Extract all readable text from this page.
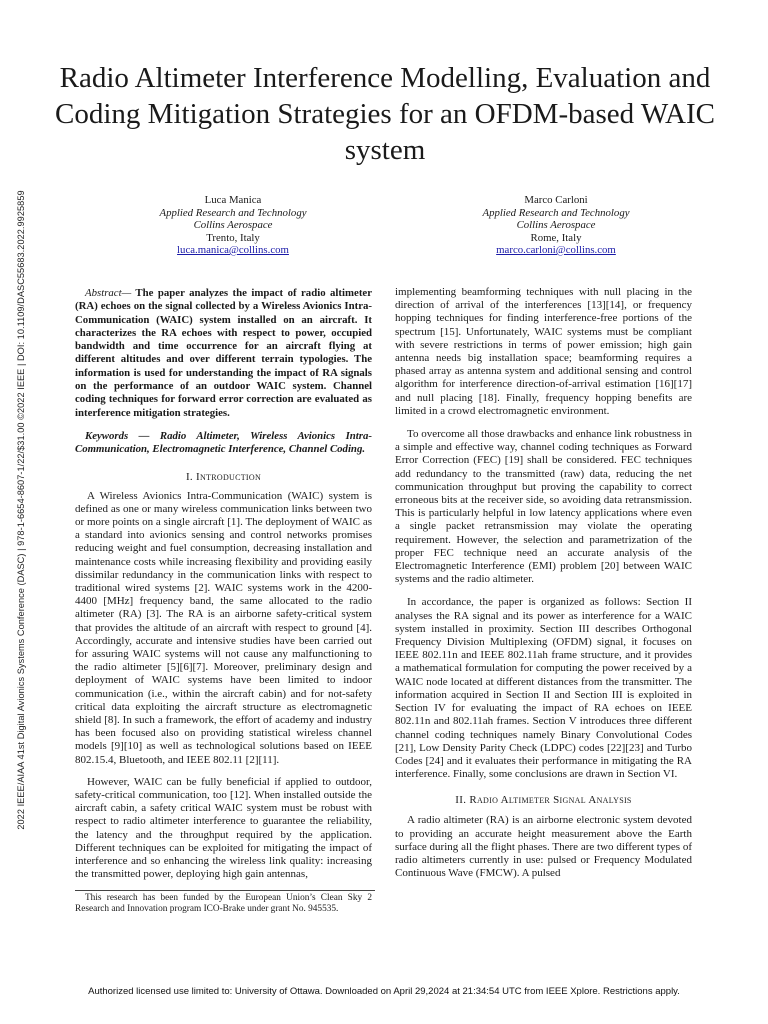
2022 IEEE/AIAA 41st Digital Avionics Systems Conference (DASC) | 978-1-6654-8607-1/22/$31.00 ©2022 IEEE | DOI: 10.1109/DASC55683.2022.9925859
Radio Altimeter Interference Modelling, Evaluation and Coding Mitigation Strategies for an OFDM-based WAIC system
Luca Manica
Applied Research and Technology
Collins Aerospace
Trento, Italy
luca.manica@collins.com
Marco Carloni
Applied Research and Technology
Collins Aerospace
Rome, Italy
marco.carloni@collins.com

Abstract— The paper analyzes the impact of radio altimeter (RA) echoes on the signal collected by a Wireless Avionics Intra-Communication (WAIC) system installed on an aircraft. It characterizes the RA echoes with respect to power, occupied bandwidth and time occurrence for an aircraft flying at different altitudes and over different terrain typologies. The information is used for understanding the impact of RA signals on the performance of an outdoor WAIC system. Channel coding techniques for forward error correction are evaluated as interference mitigation strategies.

Keywords — Radio Altimeter, Wireless Avionics Intra-Communication, Electromagnetic Interference, Channel Coding.

I. Introduction

A Wireless Avionics Intra-Communication (WAIC) system is defined as one or many wireless communication links between two or more points on a single aircraft [1]. The deployment of WAIC as a standard into avionics sensing and control networks promises reducing weight and fuel consumption, decreasing installation and maintenance costs while increasing flexibility and providing easily dissimilar redundancy in the communication links with respect to traditional wired systems [2]. WAIC systems work in the 4200-4400 [MHz] frequency band, the same allocated to the radio altimeter (RA) [3]. The RA is an airborne safety-critical system that provides the altitude of an aircraft with respect to ground [4]. Accordingly, accurate and intensive studies have been carried out for assuring WAIC systems will not cause any malfunctioning to the radio altimeter [5][6][7]. Moreover, preliminary design and deployment of WAIC systems have been limited to indoor communication (i.e., within the aircraft cabin) and for not-safety critical data exploiting the aircraft structure as electromagnetic shield [8]. In such a framework, the effort of academy and industry has been focused also on providing statistical wireless channel models [9][10] as well as technological solutions based on IEEE 802.15.4, Bluetooth, and IEEE 802.11 [2][11].

However, WAIC can be fully beneficial if applied to outdoor, safety-critical communication, too [12]. When installed outside the aircraft cabin, a safety critical WAIC system must be robust with respect to radio altimeter interference to guarantee the reliability, the latency and the throughput required by the application. Different techniques can be exploited for mitigating the impact of interference and so enhancing the wireless link quality: increasing the transmitted power, deploying high gain antennas,

This research has been funded by the European Union’s Clean Sky 2 Research and Innovation program ICO-Brake under grant No. 945535.

implementing beamforming techniques with null placing in the direction of arrival of the interferences [13][14], or frequency hopping techniques for finding interference-free portions of the spectrum [15]. Unfortunately, WAIC systems must be compliant with severe restrictions in terms of power emission; high gain antenna needs big installation space; beamforming requires a phased array as antenna system and additional sensing and control algorithm for interference direction-of-arrival estimation [16][17] and null placing [18]. Finally, frequency hopping benefits are limited in a crowd electromagnetic environment.

To overcome all those drawbacks and enhance link robustness in a simple and effective way, channel coding techniques as Forward Error Correction (FEC) [19] shall be considered. FEC techniques add redundancy to the transmitted (raw) data, reducing the net communication throughput but proving the capability to correct erroneous bits at the receiver side, so avoiding data retransmission. This is particularly helpful in low latency applications where even a single packet retransmission may violate the operating requirement. However, the selection and parametrization of the proper FEC technique need an accurate analysis of the Electromagnetic Interference (EMI) problem [20] between WAIC systems and the radio altimeter.

In accordance, the paper is organized as follows: Section II analyses the RA signal and its power as interference for a WAIC system installed in proximity. Section III describes Orthogonal Frequency Division Multiplexing (OFDM) signal, it focuses on IEEE 802.11n and IEEE 802.11ah frame structure, and it provides a mathematical formulation for computing the power received by a WAIC node located at different distances from the transmitter. The information acquired in Section II and Section III is exploited in Section IV for evaluating the impact of RA echoes on IEEE 802.11n and 802.11ah frames. Section V introduces three different channel coding techniques namely Binary Convolutional Codes [21], Low Density Parity Check (LDPC) codes [22][23] and Turbo Codes [24] and it evaluates their performance in mitigating the RA interference. Finally, some conclusions are drawn in Section VI.

II. Radio Altimeter Signal Analysis

A radio altimeter (RA) is an airborne electronic system devoted to providing an accurate height measurement above the Earth surface during all the flight phases. There are two different types of radio altimeters currently in use: pulsed or Frequency Modulated Continuous Wave (FMCW). A pulsed

Authorized licensed use limited to: University of Ottawa. Downloaded on April 29,2024 at 21:34:54 UTC from IEEE Xplore. Restrictions apply.
